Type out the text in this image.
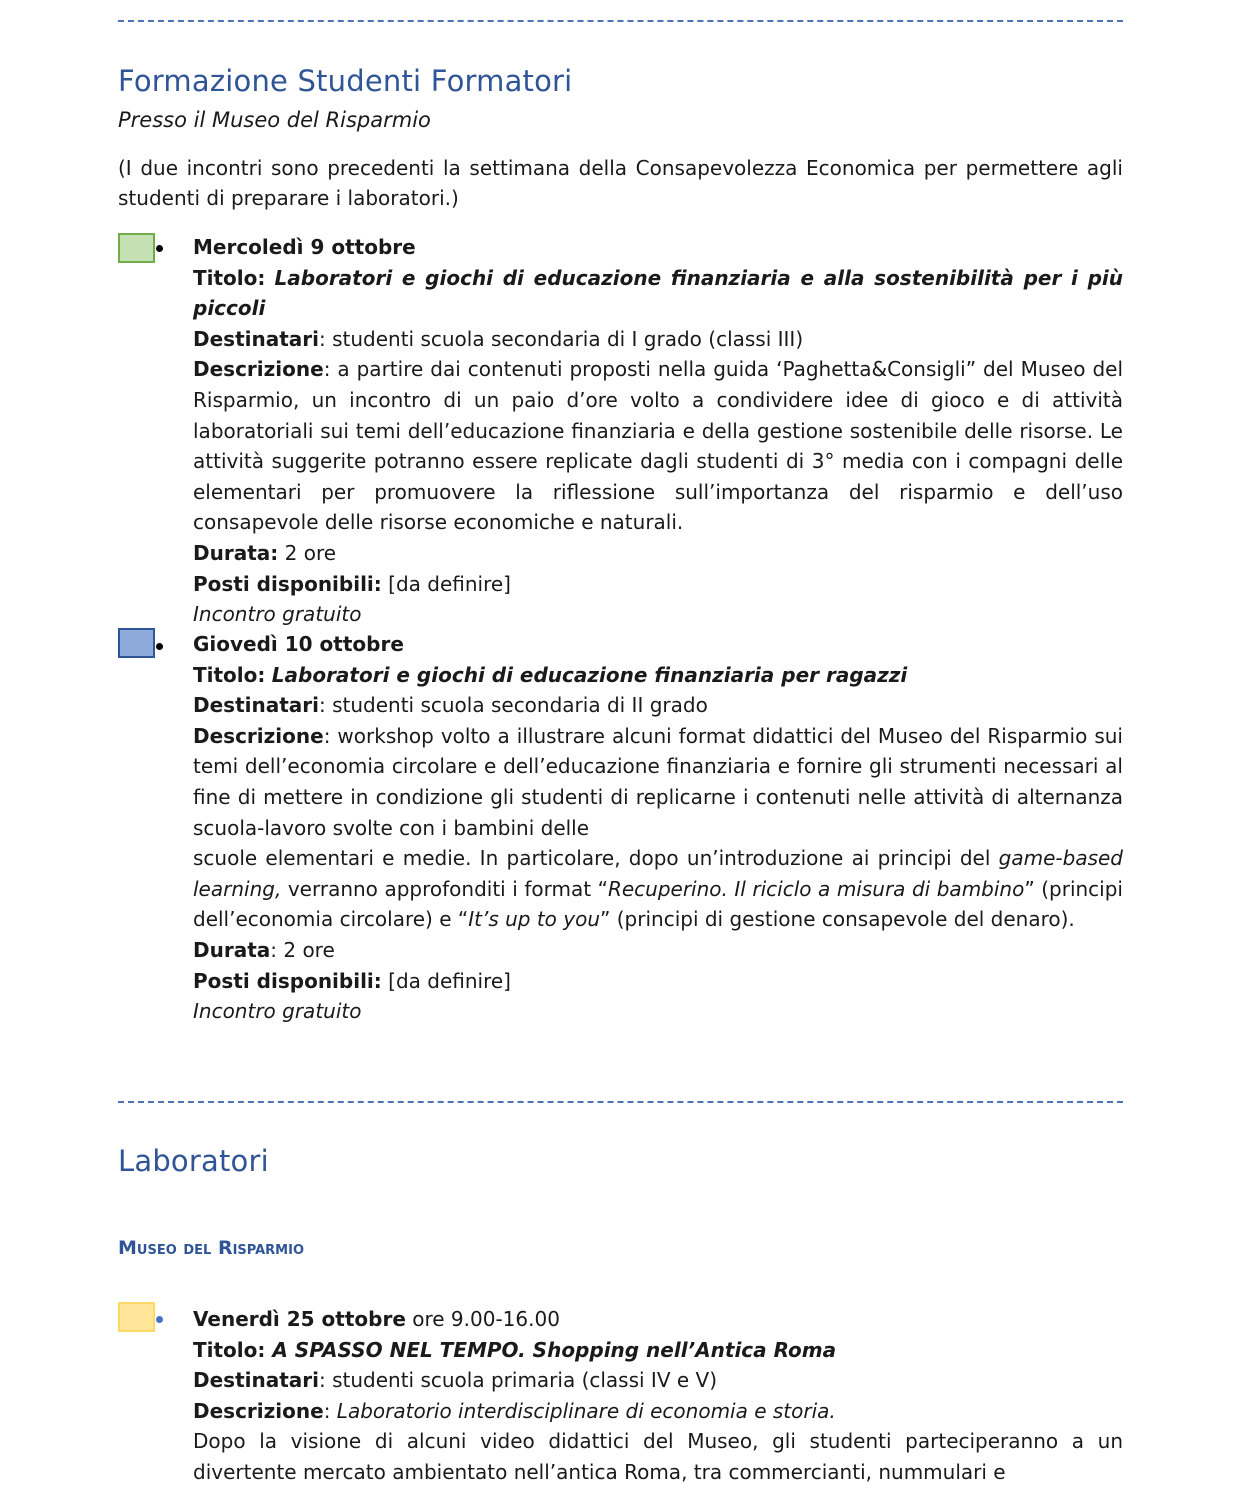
Formazione Studenti Formatori
Presso il Museo del Risparmio

(I due incontri sono precedenti la settimana della Consapevolezza Economica per permettere agli studenti di preparare i laboratori.)

Mercoledì 9 ottobre

Titolo: Laboratori e giochi di educazione finanziaria e alla sostenibilità per i più piccoli

Destinatari: studenti scuola secondaria di I grado (classi III)

Descrizione: a partire dai contenuti proposti nella guida ‘Paghetta&Consigli” del Museo del Risparmio, un incontro di un paio d’ore volto a condividere idee di gioco e di attività laboratoriali sui temi dell’educazione finanziaria e della gestione sostenibile delle risorse. Le attività suggerite potranno essere replicate dagli studenti di 3° media con i compagni delle elementari per promuovere la riflessione sull’importanza del risparmio e dell’uso consapevole delle risorse economiche e naturali.

Durata: 2 ore

Posti disponibili: [da definire]

Incontro gratuito

Giovedì 10 ottobre

Titolo: Laboratori e giochi di educazione finanziaria per ragazzi

Destinatari: studenti scuola secondaria di II grado

Descrizione: workshop volto a illustrare alcuni format didattici del Museo del Risparmio sui temi dell’economia circolare e dell’educazione finanziaria e fornire gli strumenti necessari al fine di mettere in condizione gli studenti di replicarne i contenuti nelle attività di alternanza scuola-lavoro svolte con i bambini delle

scuole elementari e medie. In particolare, dopo un’introduzione ai principi del game-based learning, verranno approfonditi i format “Recuperino. Il riciclo a misura di bambino” (principi dell’economia circolare) e “It’s up to you” (principi di gestione consapevole del denaro).

Durata: 2 ore

Posti disponibili: [da definire]

Incontro gratuito

Laboratori
Museo del Risparmio

Venerdì 25 ottobre ore 9.00-16.00

Titolo: A SPASSO NEL TEMPO. Shopping nell’Antica Roma

Destinatari: studenti scuola primaria (classi IV e V)

Descrizione: Laboratorio interdisciplinare di economia e storia.

Dopo la visione di alcuni video didattici del Museo, gli studenti parteciperanno a un divertente mercato ambientato nell’antica Roma, tra commercianti, nummulari e
